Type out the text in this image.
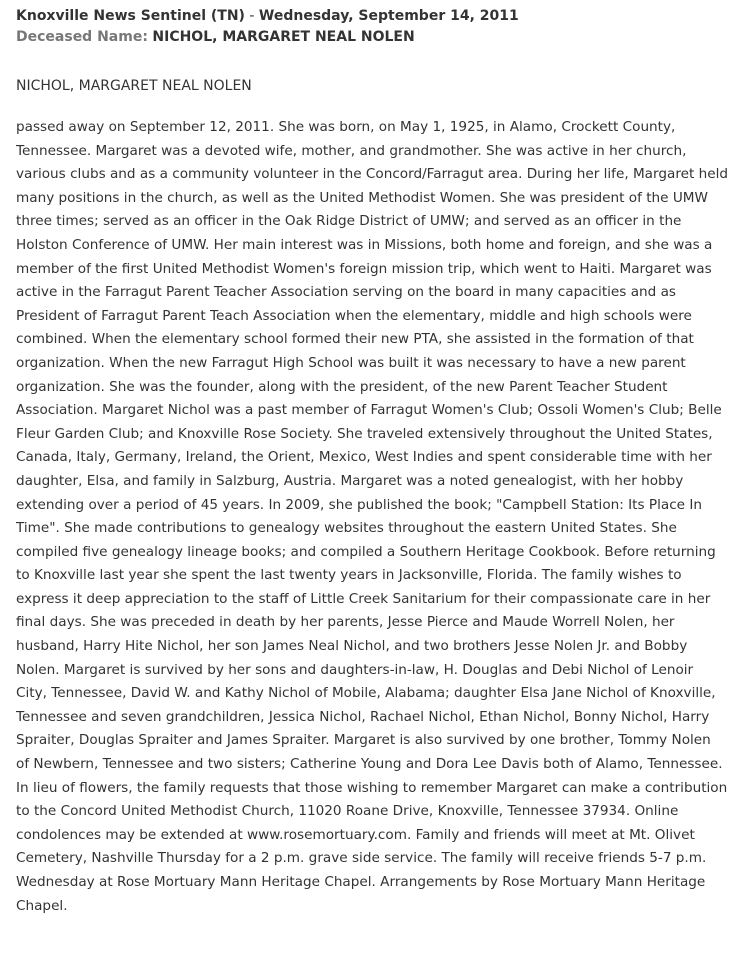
Knoxville News Sentinel (TN) - Wednesday, September 14, 2011
Deceased Name: NICHOL, MARGARET NEAL NOLEN
NICHOL, MARGARET NEAL NOLEN

passed away on September 12, 2011. She was born, on May 1, 1925, in Alamo, Crockett County, Tennessee. Margaret was a devoted wife, mother, and grandmother. She was active in her church, various clubs and as a community volunteer in the Concord/Farragut area. During her life, Margaret held many positions in the church, as well as the United Methodist Women. She was president of the UMW three times; served as an officer in the Oak Ridge District of UMW; and served as an officer in the Holston Conference of UMW. Her main interest was in Missions, both home and foreign, and she was a member of the first United Methodist Women's foreign mission trip, which went to Haiti. Margaret was active in the Farragut Parent Teacher Association serving on the board in many capacities and as President of Farragut Parent Teach Association when the elementary, middle and high schools were combined. When the elementary school formed their new PTA, she assisted in the formation of that organization. When the new Farragut High School was built it was necessary to have a new parent organization. She was the founder, along with the president, of the new Parent Teacher Student Association. Margaret Nichol was a past member of Farragut Women's Club; Ossoli Women's Club; Belle Fleur Garden Club; and Knoxville Rose Society. She traveled extensively throughout the United States, Canada, Italy, Germany, Ireland, the Orient, Mexico, West Indies and spent considerable time with her daughter, Elsa, and family in Salzburg, Austria. Margaret was a noted genealogist, with her hobby extending over a period of 45 years. In 2009, she published the book; "Campbell Station: Its Place In Time". She made contributions to genealogy websites throughout the eastern United States. She compiled five genealogy lineage books; and compiled a Southern Heritage Cookbook. Before returning to Knoxville last year she spent the last twenty years in Jacksonville, Florida. The family wishes to express it deep appreciation to the staff of Little Creek Sanitarium for their compassionate care in her final days. She was preceded in death by her parents, Jesse Pierce and Maude Worrell Nolen, her husband, Harry Hite Nichol, her son James Neal Nichol, and two brothers Jesse Nolen Jr. and Bobby Nolen. Margaret is survived by her sons and daughters-in-law, H. Douglas and Debi Nichol of Lenoir City, Tennessee, David W. and Kathy Nichol of Mobile, Alabama; daughter Elsa Jane Nichol of Knoxville, Tennessee and seven grandchildren, Jessica Nichol, Rachael Nichol, Ethan Nichol, Bonny Nichol, Harry Spraiter, Douglas Spraiter and James Spraiter. Margaret is also survived by one brother, Tommy Nolen of Newbern, Tennessee and two sisters; Catherine Young and Dora Lee Davis both of Alamo, Tennessee. In lieu of flowers, the family requests that those wishing to remember Margaret can make a contribution to the Concord United Methodist Church, 11020 Roane Drive, Knoxville, Tennessee 37934. Online condolences may be extended at www.rosemortuary.com. Family and friends will meet at Mt. Olivet Cemetery, Nashville Thursday for a 2 p.m. grave side service. The family will receive friends 5-7 p.m. Wednesday at Rose Mortuary Mann Heritage Chapel. Arrangements by Rose Mortuary Mann Heritage Chapel.
